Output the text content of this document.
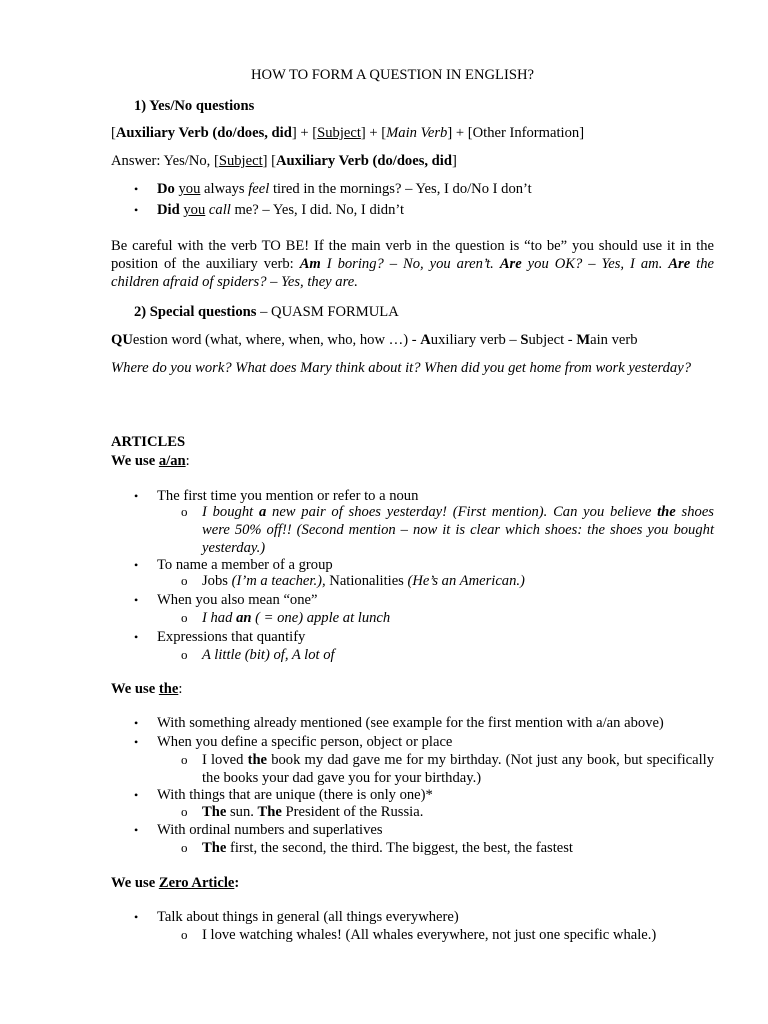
HOW TO FORM A QUESTION IN ENGLISH?
1) Yes/No questions
[Auxiliary Verb (do/does, did] + [Subject] + [Main Verb] + [Other Information]
Answer: Yes/No, [Subject] [Auxiliary Verb (do/does, did]
• Do you always feel tired in the mornings? – Yes, I do/No I don’t
• Did you call me? – Yes, I did. No, I didn’t
Be careful with the verb TO BE! If the main verb in the question is “to be” you should use it in the position of the auxiliary verb: Am I boring? – No, you aren’t. Are you OK? – Yes, I am. Are the children afraid of spiders? – Yes, they are.
2) Special questions – QUASM FORMULA
QUestion word (what, where, when, who, how …) - Auxiliary verb – Subject - Main verb
Where do you work? What does Mary think about it? When did you get home from work yesterday?
ARTICLES
We use a/an:
• The first time you mention or refer to a noun
o I bought a new pair of shoes yesterday! (First mention). Can you believe the shoes were 50% off!! (Second mention – now it is clear which shoes: the shoes you bought yesterday.)
• To name a member of a group
o Jobs (I’m a teacher.), Nationalities (He’s an American.)
• When you also mean “one”
o I had an ( = one) apple at lunch
• Expressions that quantify
o A little (bit) of, A lot of
We use the:
• With something already mentioned (see example for the first mention with a/an above)
• When you define a specific person, object or place
o I loved the book my dad gave me for my birthday. (Not just any book, but specifically the books your dad gave you for your birthday.)
• With things that are unique (there is only one)*
o The sun. The President of the Russia.
• With ordinal numbers and superlatives
o The first, the second, the third. The biggest, the best, the fastest
We use Zero Article:
• Talk about things in general (all things everywhere)
o I love watching whales! (All whales everywhere, not just one specific whale.)
